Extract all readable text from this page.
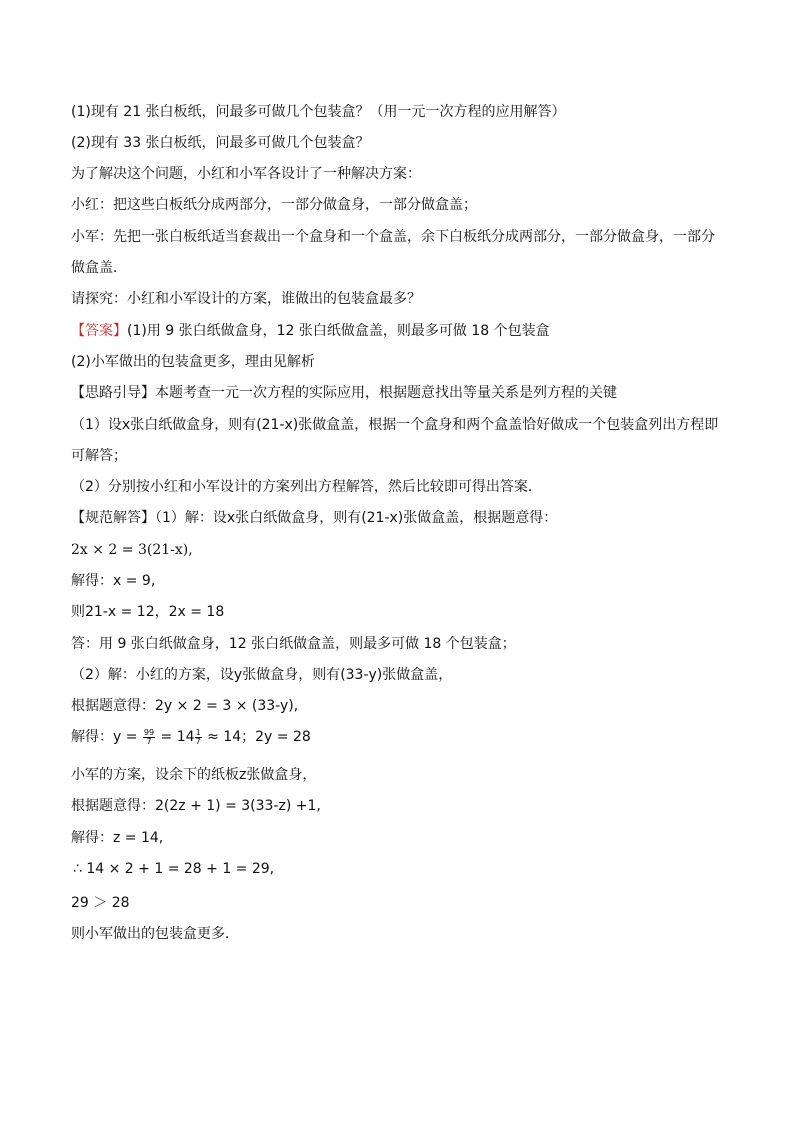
(1)现有 21 张白板纸，问最多可做几个包装盒？（用一元一次方程的应用解答）
(2)现有 33 张白板纸，问最多可做几个包装盒？
为了解决这个问题，小红和小军各设计了一种解决方案：
小红：把这些白板纸分成两部分，一部分做盒身，一部分做盒盖；
小军：先把一张白板纸适当套裁出一个盒身和一个盒盖，余下白板纸分成两部分，一部分做盒身，一部分
做盒盖．
请探究：小红和小军设计的方案，谁做出的包装盒最多？
【答案】(1)用 9 张白纸做盒身，12 张白纸做盒盖，则最多可做 18 个包装盒
(2)小军做出的包装盒更多，理由见解析
【思路引导】本题考查一元一次方程的实际应用，根据题意找出等量关系是列方程的关键
（1）设x张白纸做盒身，则有(21-x)张做盒盖，根据一个盒身和两个盒盖恰好做成一个包装盒列出方程即
可解答；
（2）分别按小红和小军设计的方案列出方程解答，然后比较即可得出答案．
【规范解答】（1）解：设x张白纸做盒身，则有(21-x)张做盒盖，根据题意得：
2x × 2 = 3(21-x),
解得：x = 9,
则21-x = 12，2x = 18
答：用 9 张白纸做盒身，12 张白纸做盒盖，则最多可做 18 个包装盒；
（2）解：小红的方案，设y张做盒身，则有(33-y)张做盒盖，
根据题意得：2y × 2 = 3 × (33-y),
解得：$y = \frac{99}{7} = 14 \frac{1}{7} \approx 14$；2y = 28
小军的方案，设余下的纸板z张做盒身，
根据题意得：2(2z + 1) = 3(33-z) +1,
解得：z = 14,
∴ 14 × 2 + 1 = 28 + 1 = 29,
29 ＞ 28
则小军做出的包装盒更多．
